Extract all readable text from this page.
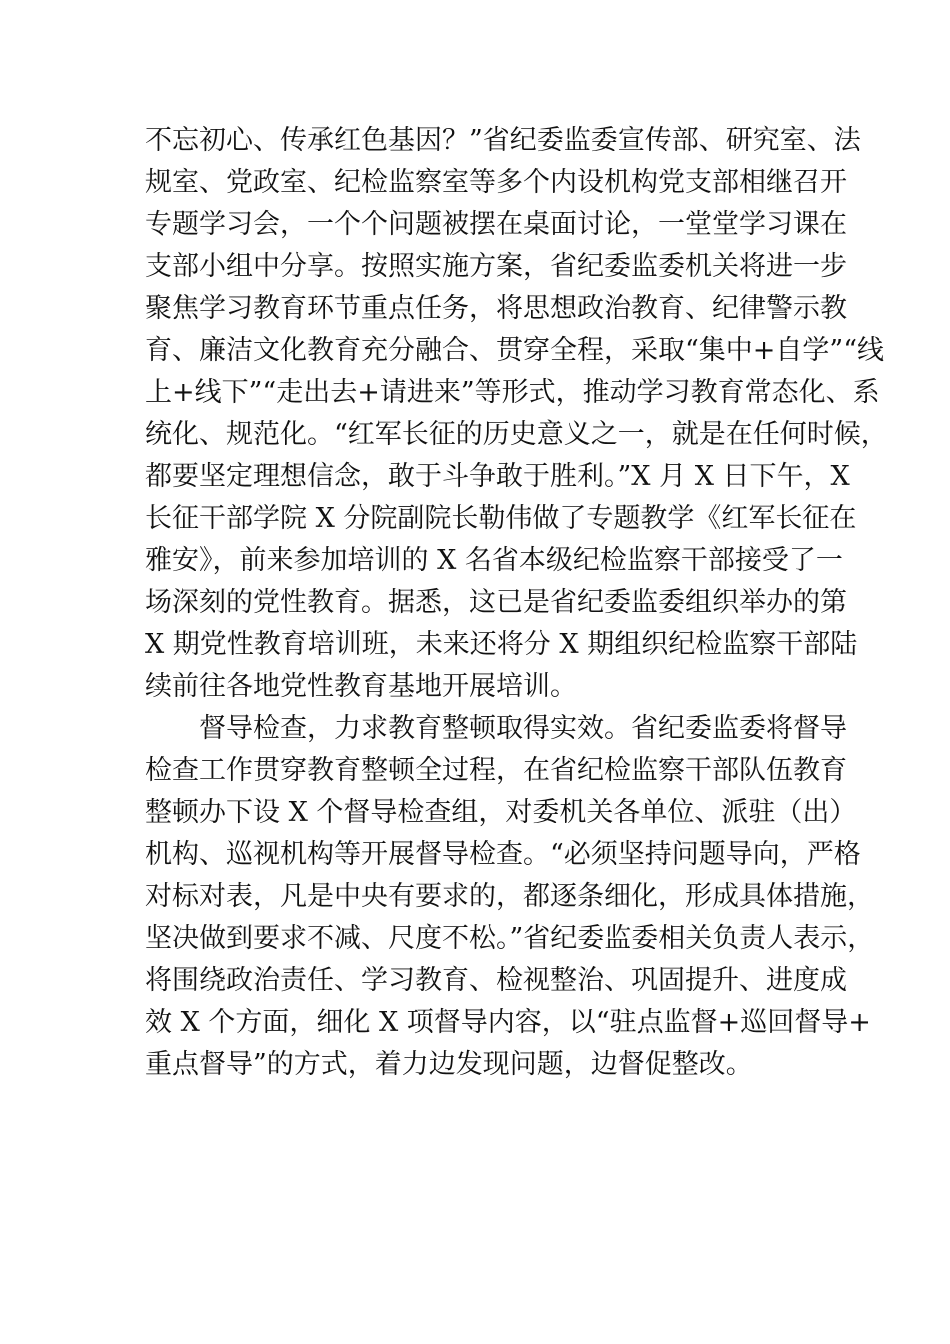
不忘初心、传承红色基因？”省纪委监委宣传部、研究室、法
规室、党政室、纪检监察室等多个内设机构党支部相继召开
专题学习会，一个个问题被摆在桌面讨论，一堂堂学习课在
支部小组中分享。按照实施方案，省纪委监委机关将进一步
聚焦学习教育环节重点任务，将思想政治教育、纪律警示教
育、廉洁文化教育充分融合、贯穿全程，采取“集中+自学”“线
上+线下”“走出去+请进来”等形式，推动学习教育常态化、系
统化、规范化。“红军长征的历史意义之一，就是在任何时候，
都要坚定理想信念，敢于斗争敢于胜利。”X 月 X 日下午，X
长征干部学院 X 分院副院长勒伟做了专题教学《红军长征在
雅安》，前来参加培训的 X 名省本级纪检监察干部接受了一
场深刻的党性教育。据悉，这已是省纪委监委组织举办的第
X 期党性教育培训班，未来还将分 X 期组织纪检监察干部陆
续前往各地党性教育基地开展培训。
督导检查，力求教育整顿取得实效。省纪委监委将督导
检查工作贯穿教育整顿全过程，在省纪检监察干部队伍教育
整顿办下设 X 个督导检查组，对委机关各单位、派驻（出）
机构、巡视机构等开展督导检查。“必须坚持问题导向，严格
对标对表，凡是中央有要求的，都逐条细化，形成具体措施，
坚决做到要求不减、尺度不松。”省纪委监委相关负责人表示，
将围绕政治责任、学习教育、检视整治、巩固提升、进度成
效 X 个方面，细化 X 项督导内容，以“驻点监督+巡回督导+
重点督导”的方式，着力边发现问题，边督促整改。
